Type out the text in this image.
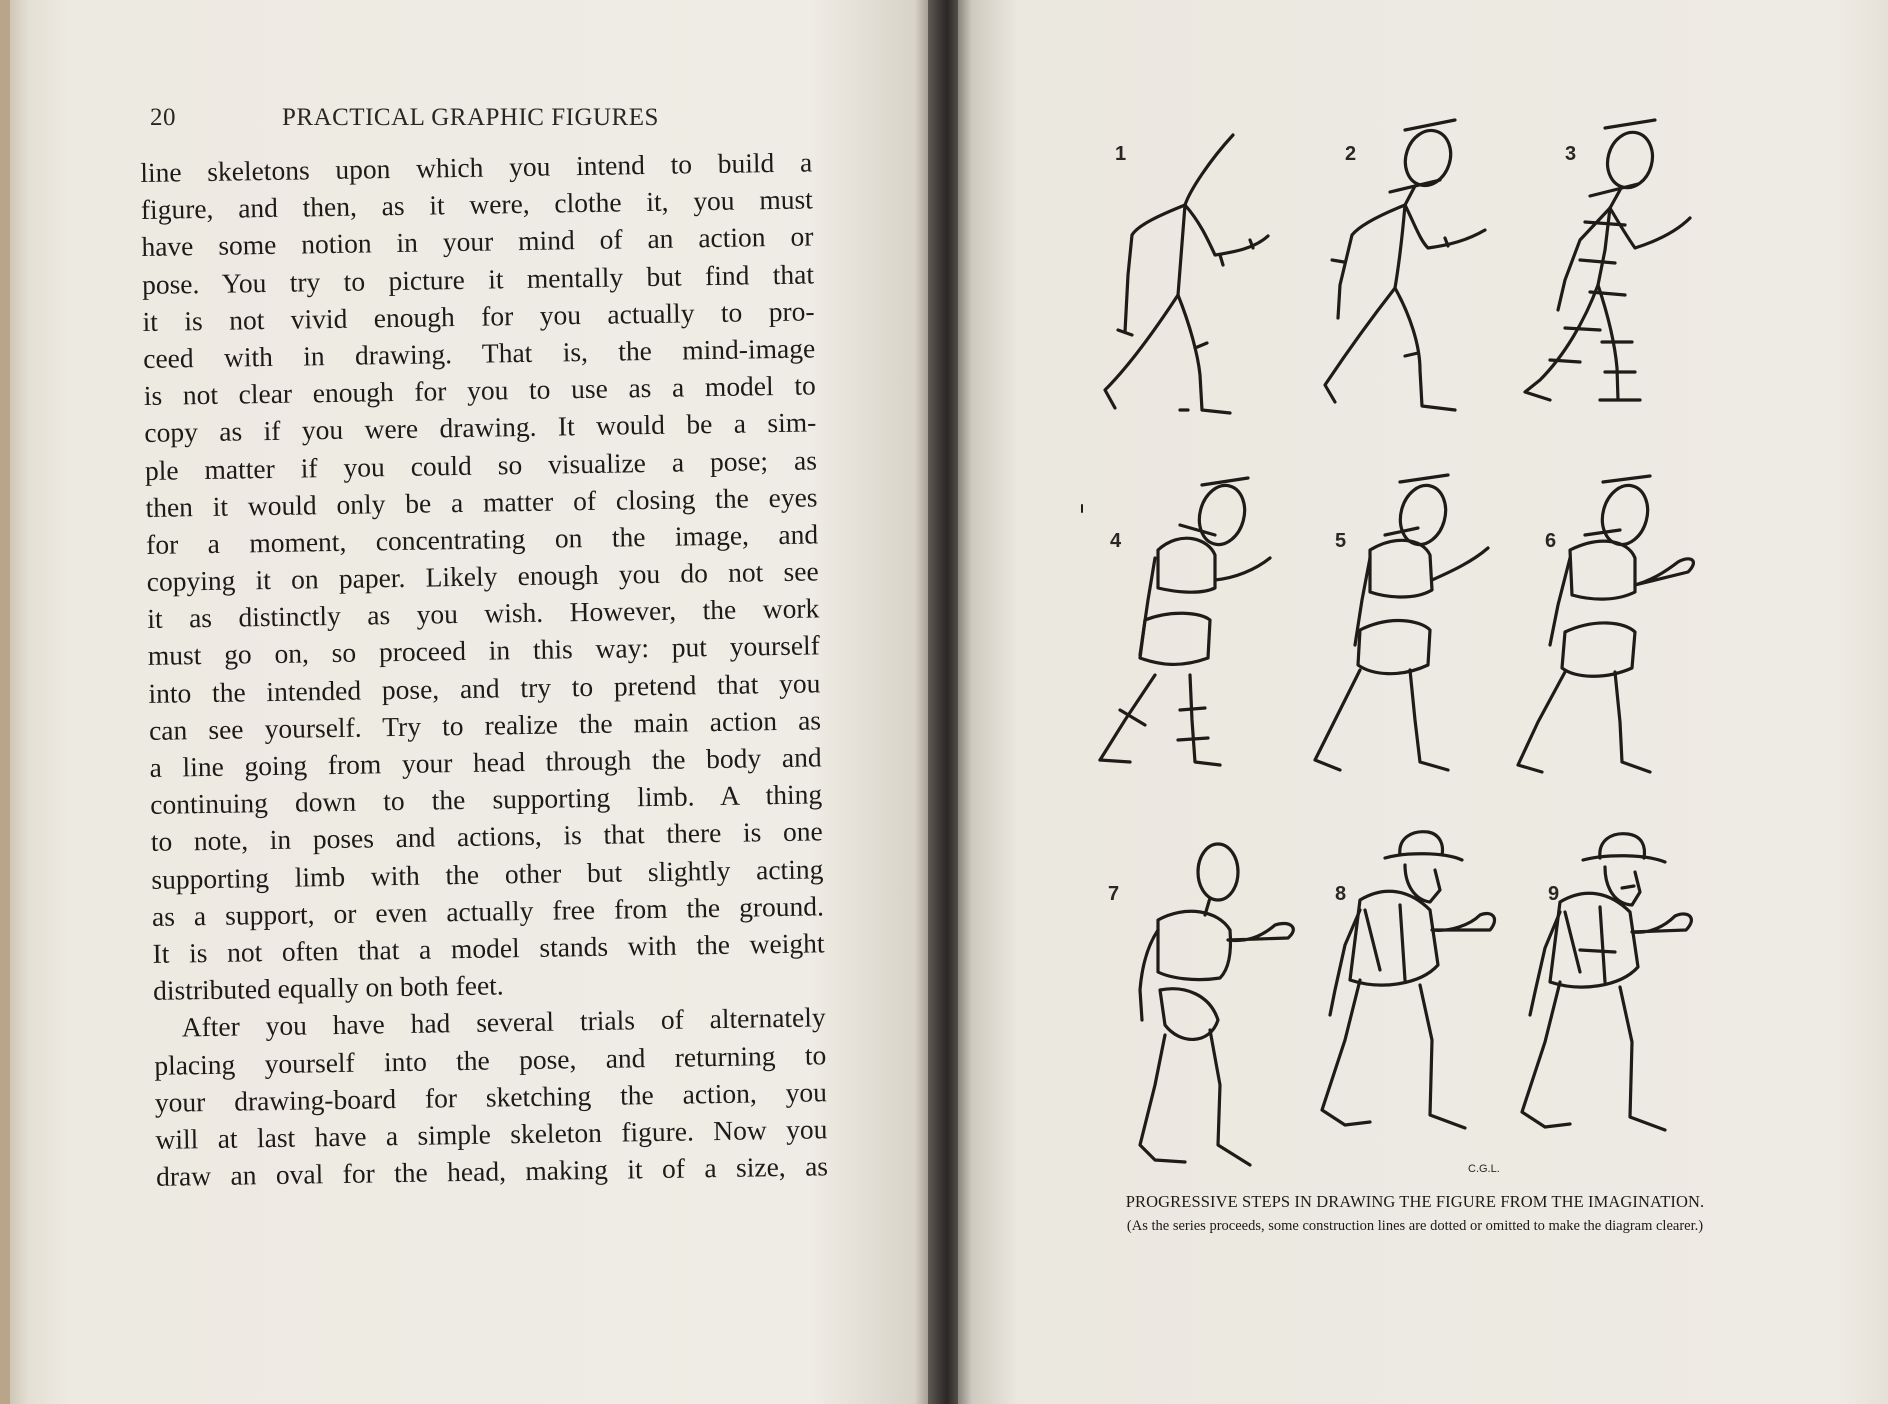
20	PRACTICAL GRAPHIC FIGURES
line skeletons upon which you intend to build a
figure, and then, as it were, clothe it, you must
have some notion in your mind of an action or
pose. You try to picture it mentally but find that
it is not vivid enough for you actually to pro-
ceed with in drawing. That is, the mind-image
is not clear enough for you to use as a model to
copy as if you were drawing. It would be a sim-
ple matter if you could so visualize a pose; as
then it would only be a matter of closing the eyes
for a moment, concentrating on the image, and
copying it on paper. Likely enough you do not see
it as distinctly as you wish. However, the work
must go on, so proceed in this way: put yourself
into the intended pose, and try to pretend that you
can see yourself. Try to realize the main action as
a line going from your head through the body and
continuing down to the supporting limb. A thing
to note, in poses and actions, is that there is one
supporting limb with the other but slightly acting
as a support, or even actually free from the ground.
It is not often that a model stands with the weight
distributed equally on both feet.
After you have had several trials of alternately
placing yourself into the pose, and returning to
your drawing-board for sketching the action, you
will at last have a simple skeleton figure. Now you
draw an oval for the head, making it of a size, as
1	2	3
4	5	6
7	8	9
C.G.L.
PROGRESSIVE STEPS IN DRAWING THE FIGURE FROM THE IMAGINATION.
(As the series proceeds, some construction lines are dotted or omitted to make the diagram clearer.)
